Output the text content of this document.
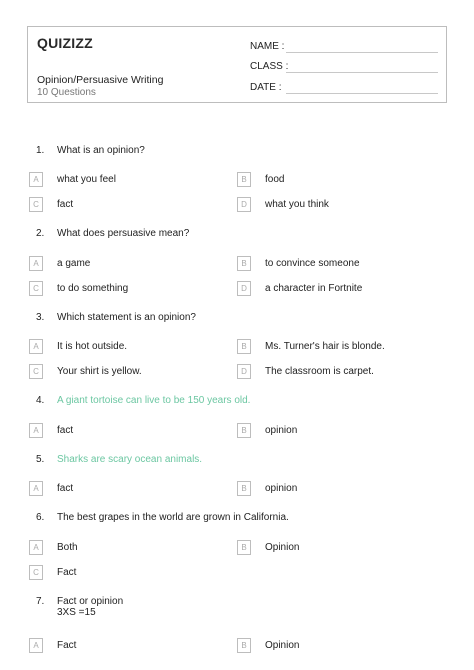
QUIZIZZ
Opinion/Persuasive Writing
10 Questions
NAME :
CLASS :
DATE :
1. What is an opinion?
A	what you feel	B	food
C	fact	D	what you think
2. What does persuasive mean?
A	a game	B	to convince someone
C	to do something	D	a character in Fortnite
3. Which statement is an opinion?
A	It is hot outside.	B	Ms. Turner's hair is blonde.
C	Your shirt is yellow.	D	The classroom is carpet.
4. A giant tortoise can live to be 150 years old.
A	fact	B	opinion
5. Sharks are scary ocean animals.
A	fact	B	opinion
6. The best grapes in the world are grown in California.
A	Both	B	Opinion
C	Fact
7. Fact or opinion
3XS =15
A	Fact	B	Opinion
